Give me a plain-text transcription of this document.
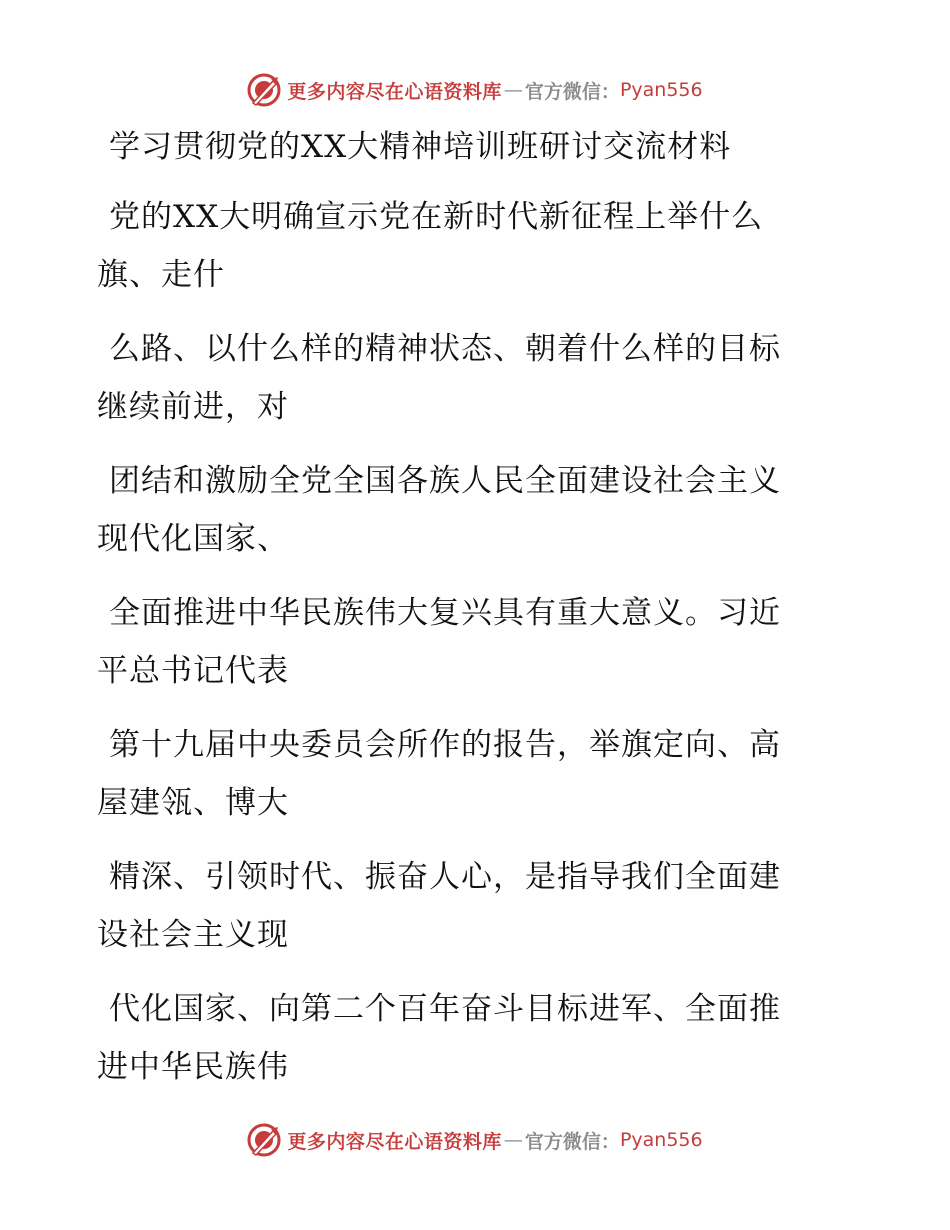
更多内容尽在心语资料库 — 官方微信： Pyan556
学习贯彻党的XX大精神培训班研讨交流材料
党的XX大明确宣示党在新时代新征程上举什么
旗、走什
么路、以什么样的精神状态、朝着什么样的目标
继续前进，对
团结和激励全党全国各族人民全面建设社会主义
现代化国家、
全面推进中华民族伟大复兴具有重大意义。习近
平总书记代表
第十九届中央委员会所作的报告，举旗定向、高
屋建瓴、博大
精深、引领时代、振奋人心，是指导我们全面建
设社会主义现
代化国家、向第二个百年奋斗目标进军、全面推
进中华民族伟
更多内容尽在心语资料库 — 官方微信： Pyan556
